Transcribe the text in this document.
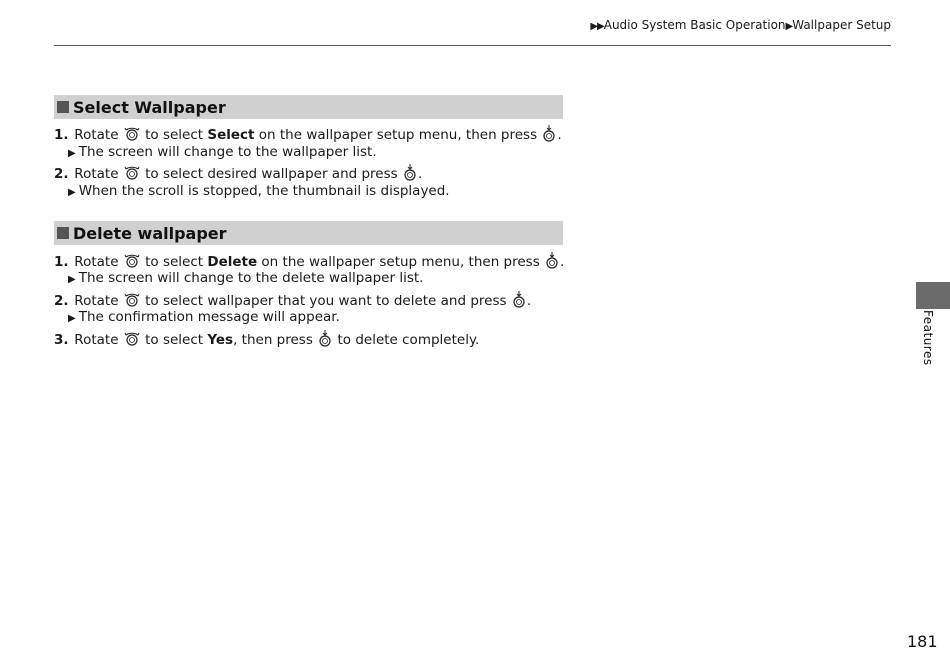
▶▶Audio System Basic Operation▶Wallpaper Setup
Select Wallpaper
1. Rotate to select Select on the wallpaper setup menu, then press .
▶ The screen will change to the wallpaper list.
2. Rotate to select desired wallpaper and press .
▶ When the scroll is stopped, the thumbnail is displayed.
Delete wallpaper
1. Rotate to select Delete on the wallpaper setup menu, then press .
▶ The screen will change to the delete wallpaper list.
2. Rotate to select wallpaper that you want to delete and press .
▶ The confirmation message will appear.
3. Rotate to select Yes, then press to delete completely.	Features
181
